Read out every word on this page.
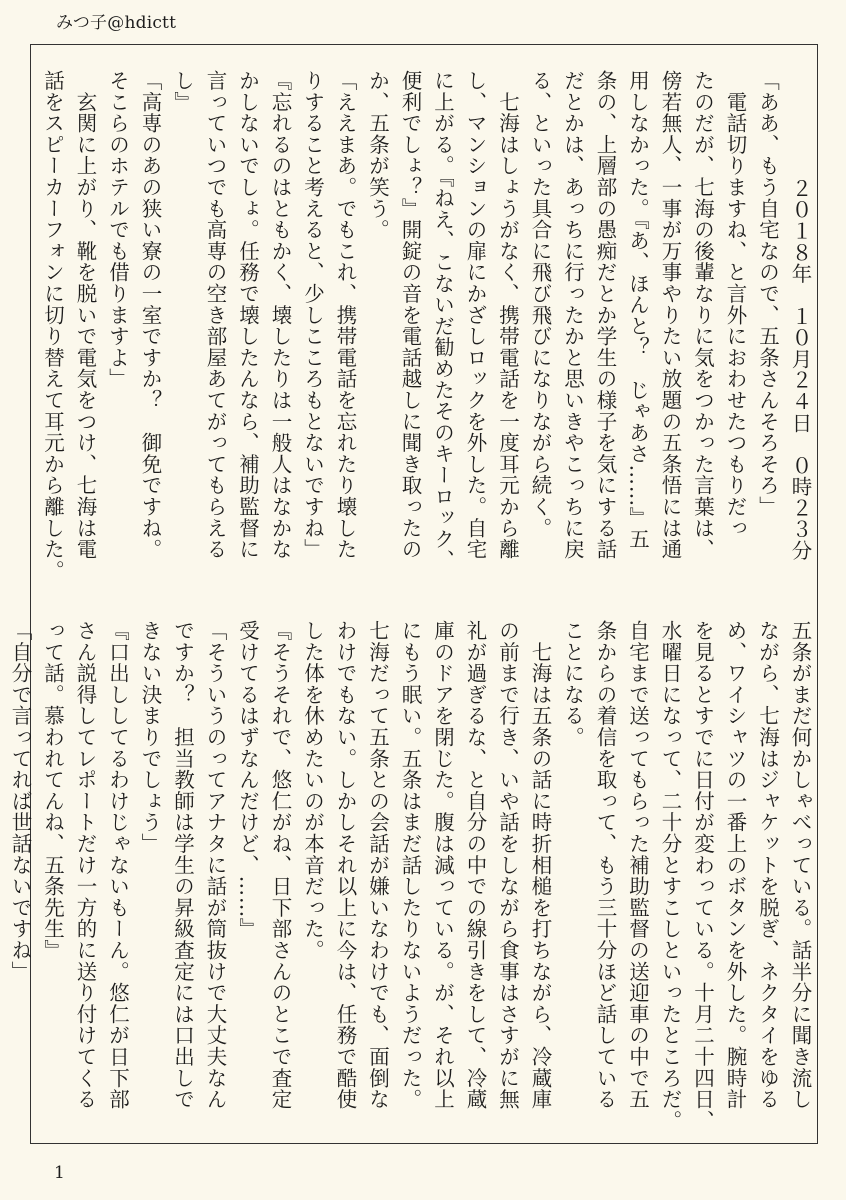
みつ子@hdictt
２０１８年　１０月２４日　０時２３分
「ああ、もう自宅なので、五条さんそろそろ」
　電話切りますね、と言外におわせたつもりだっ
たのだが、七海の後輩なりに気をつかった言葉は、
傍若無人、一事が万事やりたい放題の五条悟には通
用しなかった。『あ、ほんと？　じゃあさ……』五
条の、上層部の愚痴だとか学生の様子を気にする話
だとかは、あっちに行ったかと思いきやこっちに戻
る、といった具合に飛び飛びになりながら続く。
　七海はしょうがなく、携帯電話を一度耳元から離
し、マンションの扉にかざしロックを外した。自宅
に上がる。『ねえ、こないだ勧めたそのキーロック、
便利でしょ？』開錠の音を電話越しに聞き取ったの
か、五条が笑う。
「ええまあ。でもこれ、携帯電話を忘れたり壊した
りすること考えると、少しこころもとないですね」
『忘れるのはともかく、壊したりは一般人はなかな
かしないでしょ。任務で壊したんなら、補助監督に
言っていつでも高専の空き部屋あてがってもらえる
し』
「高専のあの狭い寮の一室ですか？　御免ですね。
そこらのホテルでも借りますよ」
　玄関に上がり、靴を脱いで電気をつけ、七海は電
話をスピーカーフォンに切り替えて耳元から離した。
五条がまだ何かしゃべっている。話半分に聞き流し
ながら、七海はジャケットを脱ぎ、ネクタイをゆる
め、ワイシャツの一番上のボタンを外した。腕時計
を見るとすでに日付が変わっている。十月二十四日、
水曜日になって、二十分とすこしといったところだ。
自宅まで送ってもらった補助監督の送迎車の中で五
条からの着信を取って、もう三十分ほど話している
ことになる。
　七海は五条の話に時折相槌を打ちながら、冷蔵庫
の前まで行き、いや話をしながら食事はさすがに無
礼が過ぎるな、と自分の中での線引きをして、冷蔵
庫のドアを閉じた。腹は減っている。が、それ以上
にもう眠い。五条はまだ話したりないようだった。
七海だって五条との会話が嫌いなわけでも、面倒な
わけでもない。しかしそれ以上に今は、任務で酷使
した体を休めたいのが本音だった。
『そうそれで、悠仁がね、日下部さんのとこで査定
受けてるはずなんだけど、……』
「そういうのってアナタに話が筒抜けで大丈夫なん
ですか？　担当教師は学生の昇級査定には口出しで
きない決まりでしょう」
『口出ししてるわけじゃないもーん。悠仁が日下部
さん説得してレポートだけ一方的に送り付けてくる
って話。慕われてんね、五条先生』
「自分で言ってれば世話ないですね」
1
